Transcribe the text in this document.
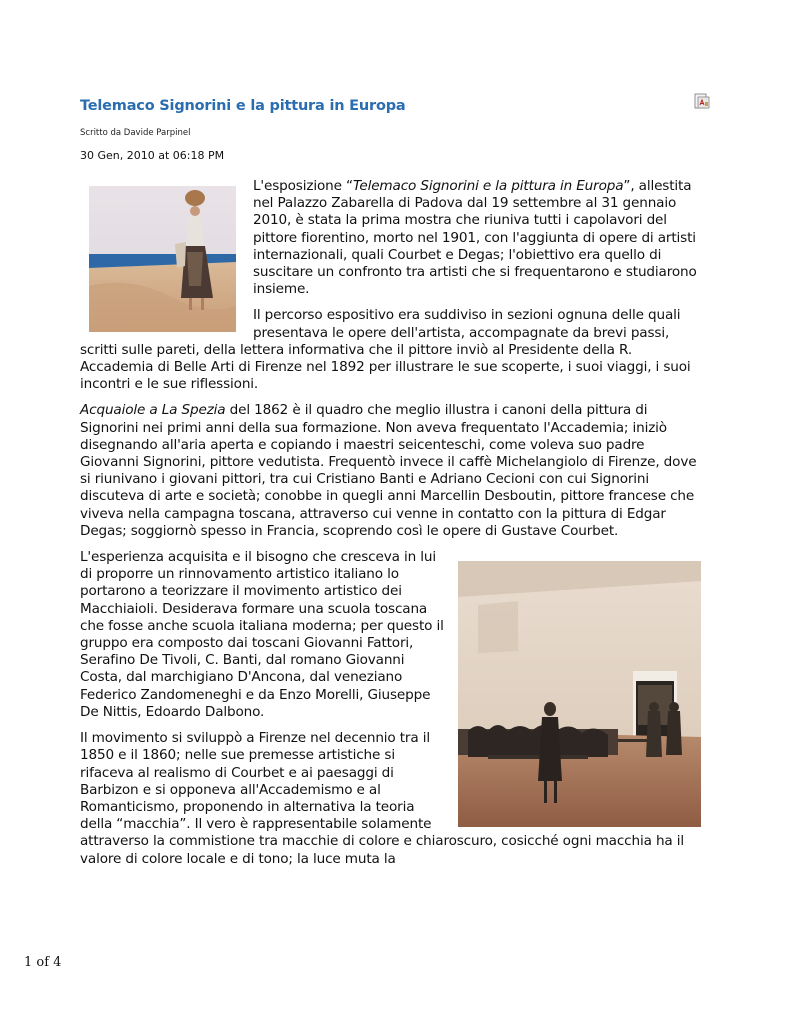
Telemaco Signorini e la pittura in Europa
Scritto da Davide Parpinel
30 Gen, 2010 at 06:18 PM

L'esposizione “Telemaco Signorini e la pittura in Europa”, allestita nel Palazzo Zabarella di Padova dal 19 settembre al 31 gennaio 2010, è stata la prima mostra che riuniva tutti i capolavori del pittore fiorentino, morto nel 1901, con l'aggiunta di opere di artisti internazionali, quali Courbet e Degas; l'obiettivo era quello di suscitare un confronto tra artisti che si frequentarono e studiarono insieme.

Il percorso espositivo era suddiviso in sezioni ognuna delle quali presentava le opere dell'artista, accompagnate da brevi passi, scritti sulle pareti, della lettera informativa che il pittore inviò al Presidente della R. Accademia di Belle Arti di Firenze nel 1892 per illustrare le sue scoperte, i suoi viaggi, i suoi incontri e le sue riflessioni.

Acquaiole a La Spezia del 1862 è il quadro che meglio illustra i canoni della pittura di Signorini nei primi anni della sua formazione. Non aveva frequentato l'Accademia; iniziò disegnando all'aria aperta e copiando i maestri seicenteschi, come voleva suo padre Giovanni Signorini, pittore vedutista. Frequentò invece il caffè Michelangiolo di Firenze, dove si riunivano i giovani pittori, tra cui Cristiano Banti e Adriano Cecioni con cui Signorini discuteva di arte e società; conobbe in quegli anni Marcellin Desboutin, pittore francese che viveva nella campagna toscana, attraverso cui venne in contatto con la pittura di Edgar Degas; soggiornò spesso in Francia, scoprendo così le opere di Gustave Courbet.

L'esperienza acquisita e il bisogno che cresceva in lui di proporre un rinnovamento artistico italiano lo portarono a teorizzare il movimento artistico dei Macchiaioli. Desiderava formare una scuola toscana che fosse anche scuola italiana moderna; per questo il gruppo era composto dai toscani Giovanni Fattori, Serafino De Tivoli, C. Banti, dal romano Giovanni Costa, dal marchigiano D'Ancona, dal veneziano Federico Zandomeneghi e da Enzo Morelli, Giuseppe De Nittis, Edoardo Dalbono.

Il movimento si sviluppò a Firenze nel decennio tra il 1850 e il 1860; nelle sue premesse artistiche si rifaceva al realismo di Courbet e ai paesaggi di Barbizon e si opponeva all'Accademismo e al Romanticismo, proponendo in alternativa la teoria della “macchia”. Il vero è rappresentabile solamente attraverso la commistione tra macchie di colore e chiaroscuro, cosicché ogni macchia ha il valore di colore locale e di tono; la luce muta la

1 of 4
